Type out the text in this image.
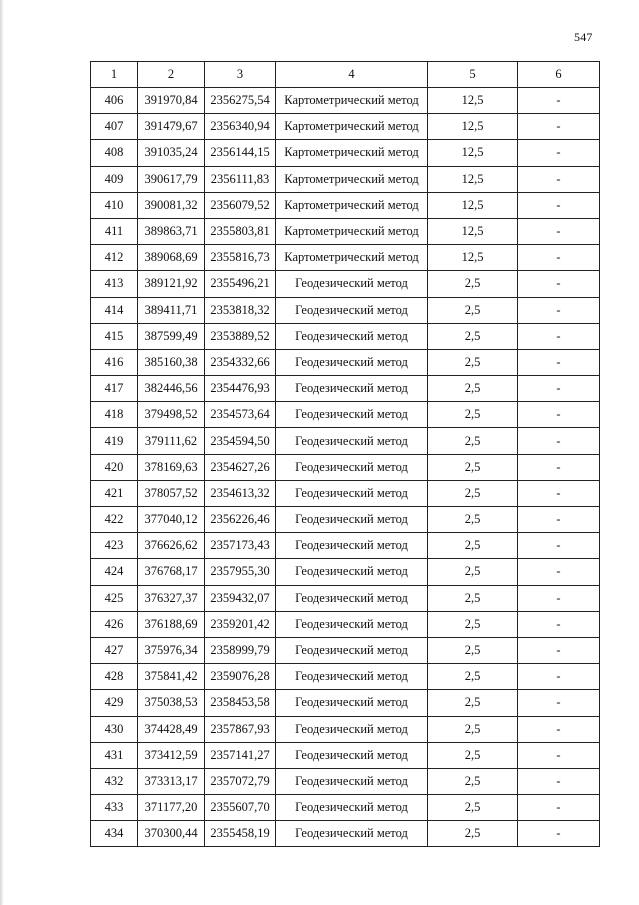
547
1	2	3	4	5	6
406	391970,84	2356275,54	Картометрический метод	12,5	-
407	391479,67	2356340,94	Картометрический метод	12,5	-
408	391035,24	2356144,15	Картометрический метод	12,5	-
409	390617,79	2356111,83	Картометрический метод	12,5	-
410	390081,32	2356079,52	Картометрический метод	12,5	-
411	389863,71	2355803,81	Картометрический метод	12,5	-
412	389068,69	2355816,73	Картометрический метод	12,5	-
413	389121,92	2355496,21	Геодезический метод	2,5	-
414	389411,71	2353818,32	Геодезический метод	2,5	-
415	387599,49	2353889,52	Геодезический метод	2,5	-
416	385160,38	2354332,66	Геодезический метод	2,5	-
417	382446,56	2354476,93	Геодезический метод	2,5	-
418	379498,52	2354573,64	Геодезический метод	2,5	-
419	379111,62	2354594,50	Геодезический метод	2,5	-
420	378169,63	2354627,26	Геодезический метод	2,5	-
421	378057,52	2354613,32	Геодезический метод	2,5	-
422	377040,12	2356226,46	Геодезический метод	2,5	-
423	376626,62	2357173,43	Геодезический метод	2,5	-
424	376768,17	2357955,30	Геодезический метод	2,5	-
425	376327,37	2359432,07	Геодезический метод	2,5	-
426	376188,69	2359201,42	Геодезический метод	2,5	-
427	375976,34	2358999,79	Геодезический метод	2,5	-
428	375841,42	2359076,28	Геодезический метод	2,5	-
429	375038,53	2358453,58	Геодезический метод	2,5	-
430	374428,49	2357867,93	Геодезический метод	2,5	-
431	373412,59	2357141,27	Геодезический метод	2,5	-
432	373313,17	2357072,79	Геодезический метод	2,5	-
433	371177,20	2355607,70	Геодезический метод	2,5	-
434	370300,44	2355458,19	Геодезический метод	2,5	-
